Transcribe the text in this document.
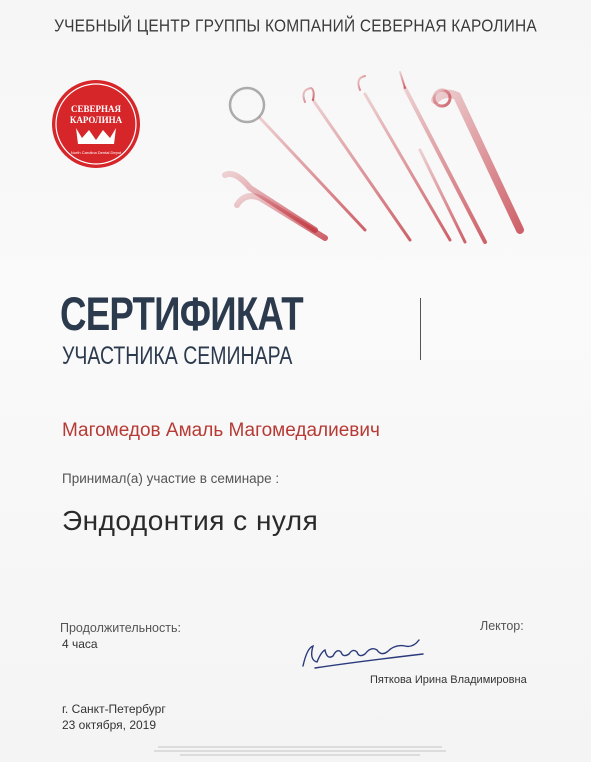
УЧЕБНЫЙ ЦЕНТР ГРУППЫ КОМПАНИЙ СЕВЕРНАЯ КАРОЛИНА
СЕВЕРНАЯ
КАРОЛИНА
North Carolina Dental Depot
СЕРТИФИКАТ
УЧАСТНИКА СЕМИНАРА
Магомедов Амаль Магомедалиевич
Принимал(а) участие в семинаре :
Эндодонтия с нуля
Продолжительность:
4 часа
Лектор:
Пяткова Ирина Владимировна
г. Санкт-Петербург
23 октября, 2019
